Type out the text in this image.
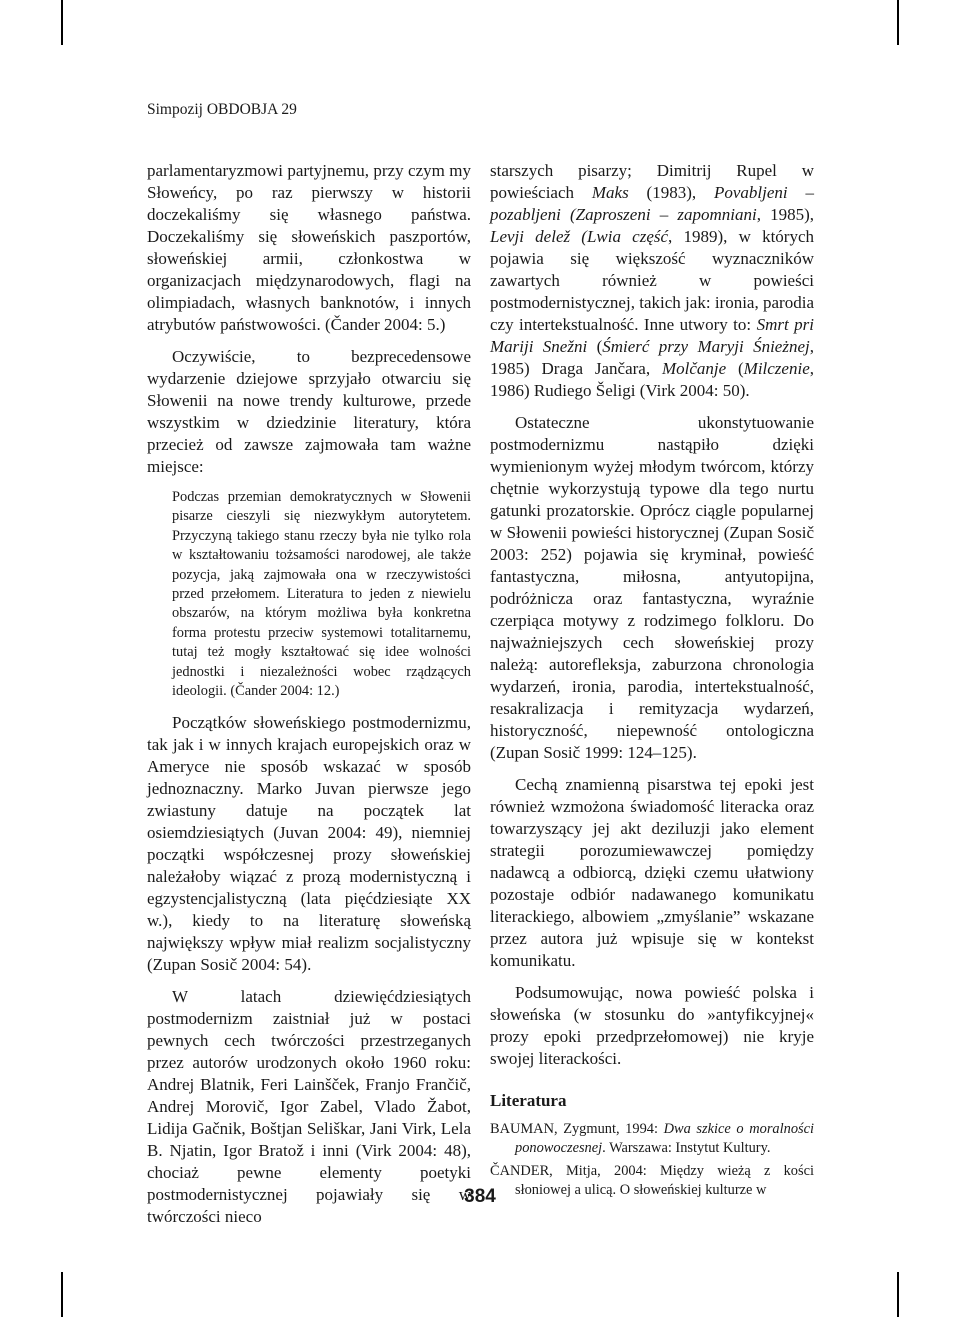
Simpozij OBDOBJA 29

parlamentaryzmowi partyjnemu, przy czym my Słoweńcy, po raz pierwszy w historii doczekaliśmy się własnego państwa. Doczekaliśmy się słoweńskich paszportów, słoweńskiej armii, członkostwa w organizacjach międzynarodowych, flagi na olimpiadach, własnych banknotów, i innych atrybutów państwowości. (Čander 2004: 5.)

Oczywiście, to bezprecedensowe wydarzenie dziejowe sprzyjało otwarciu się Słowenii na nowe trendy kulturowe, przede wszystkim w dziedzinie literatury, która przecież od zawsze zajmowała tam ważne miejsce:

Podczas przemian demokratycznych w Słowenii pisarze cieszyli się niezwykłym autorytetem. Przyczyną takiego stanu rzeczy była nie tylko rola w kształtowaniu tożsamości narodowej, ale także pozycja, jaką zajmowała ona w rzeczywistości przed przełomem. Literatura to jeden z niewielu obszarów, na którym możliwa była konkretna forma protestu przeciw systemowi totalitarnemu, tutaj też mogły kształtować się idee wolności jednostki i niezależności wobec rządzących ideologii. (Čander 2004: 12.)

Początków słoweńskiego postmodernizmu, tak jak i w innych krajach europejskich oraz w Ameryce nie sposób wskazać w sposób jednoznaczny. Marko Juvan pierwsze jego zwiastuny datuje na początek lat osiemdziesiątych (Juvan 2004: 49), niemniej początki współczesnej prozy słoweńskiej należałoby wiązać z prozą modernistyczną i egzystencjalistyczną (lata pięćdziesiąte XX w.), kiedy to na literaturę słoweńską największy wpływ miał realizm socjalistyczny (Zupan Sosič 2004: 54).

W latach dziewięćdziesiątych postmodernizm zaistniał już w postaci pewnych cech twórczości przestrzeganych przez autorów urodzonych około 1960 roku: Andrej Blatnik, Feri Lainšček, Franjo Frančič, Andrej Morovič, Igor Zabel, Vlado Žabot, Lidija Gačnik, Boštjan Seliškar, Jani Virk, Lela B. Njatin, Igor Bratož i inni (Virk 2004: 48), chociaż pewne elementy poetyki postmodernistycznej pojawiały się w twórczości nieco

starszych pisarzy; Dimitrij Rupel w powieściach Maks (1983), Povabljeni – pozabljeni (Zaproszeni – zapomniani, 1985), Levji delež (Lwia część, 1989), w których pojawia się większość wyznaczników zawartych również w powieści postmodernistycznej, takich jak: ironia, parodia czy intertekstualność. Inne utwory to: Smrt pri Mariji Snežni (Śmierć przy Maryji Śnieżnej, 1985) Draga Jančara, Molčanje (Milczenie, 1986) Rudiego Šeligi (Virk 2004: 50).

Ostateczne ukonstytuowanie postmodernizmu nastąpiło dzięki wymienionym wyżej młodym twórcom, którzy chętnie wykorzystują typowe dla tego nurtu gatunki prozatorskie. Oprócz ciągle popularnej w Słowenii powieści historycznej (Zupan Sosič 2003: 252) pojawia się kryminał, powieść fantastyczna, miłosna, antyutopijna, podróżnicza oraz fantastyczna, wyraźnie czerpiąca motywy z rodzimego folkloru. Do najważniejszych cech słoweńskiej prozy należą: autorefleksja, zaburzona chronologia wydarzeń, ironia, parodia, intertekstualność, resakralizacja i remityzacja wydarzeń, historyczność, niepewność ontologiczna (Zupan Sosič 1999: 124–125).

Cechą znamienną pisarstwa tej epoki jest również wzmożona świadomość literacka oraz towarzyszący jej akt deziluzji jako element strategii porozumiewawczej pomiędzy nadawcą a odbiorcą, dzięki czemu ułatwiony pozostaje odbiór nadawanego komunikatu literackiego, albowiem „zmyślanie” wskazane przez autora już wpisuje się w kontekst komunikatu.

Podsumowując, nowa powieść polska i słoweńska (w stosunku do »antyfikcyjnej« prozy epoki przedprzełomowej) nie kryje swojej literackości.

Literatura

BAUMAN, Zygmunt, 1994: Dwa szkice o moralności ponowoczesnej. Warszawa: Instytut Kultury.

ČANDER, Mitja, 2004: Między wieżą z kości słoniowej a ulicą. O słoweńskiej kulturze w

384
